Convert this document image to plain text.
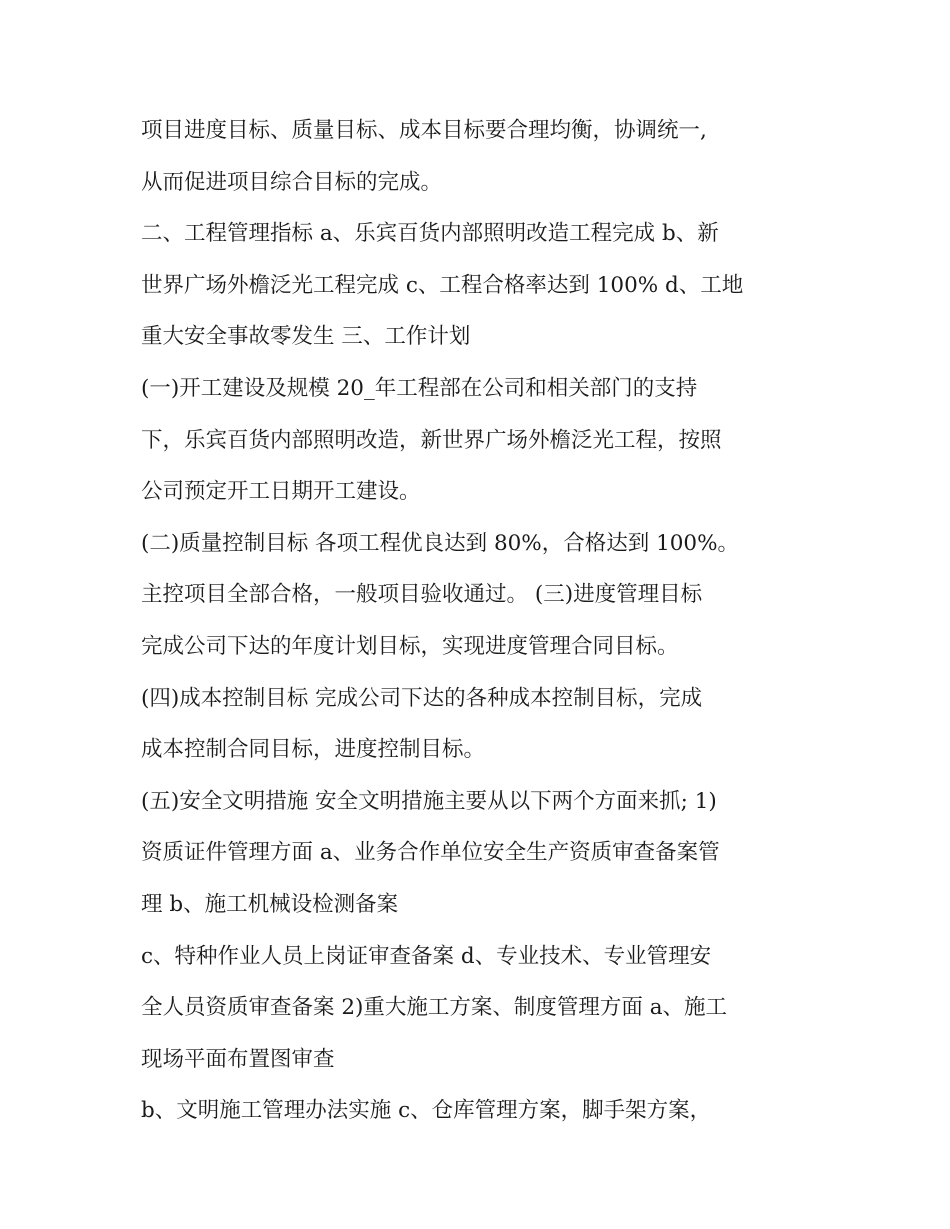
项目进度目标、质量目标、成本目标要合理均衡，协调统一,
从而促进项目综合目标的完成。
二、工程管理指标 a、乐宾百货内部照明改造工程完成 b、新
世界广场外檐泛光工程完成 c、工程合格率达到 100% d、工地
重大安全事故零发生 三、工作计划
(一)开工建设及规模 20_年工程部在公司和相关部门的支持
下，乐宾百货内部照明改造，新世界广场外檐泛光工程，按照
公司预定开工日期开工建设。
(二)质量控制目标 各项工程优良达到 80%，合格达到 100%。
主控项目全部合格，一般项目验收通过。 (三)进度管理目标
完成公司下达的年度计划目标，实现进度管理合同目标。
(四)成本控制目标 完成公司下达的各种成本控制目标，完成
成本控制合同目标，进度控制目标。
(五)安全文明措施 安全文明措施主要从以下两个方面来抓; 1)
资质证件管理方面 a、业务合作单位安全生产资质审查备案管
理 b、施工机械设检测备案
c、特种作业人员上岗证审查备案 d、专业技术、专业管理安
全人员资质审查备案 2)重大施工方案、制度管理方面 a、施工
现场平面布置图审查
b、文明施工管理办法实施 c、仓库管理方案，脚手架方案，
